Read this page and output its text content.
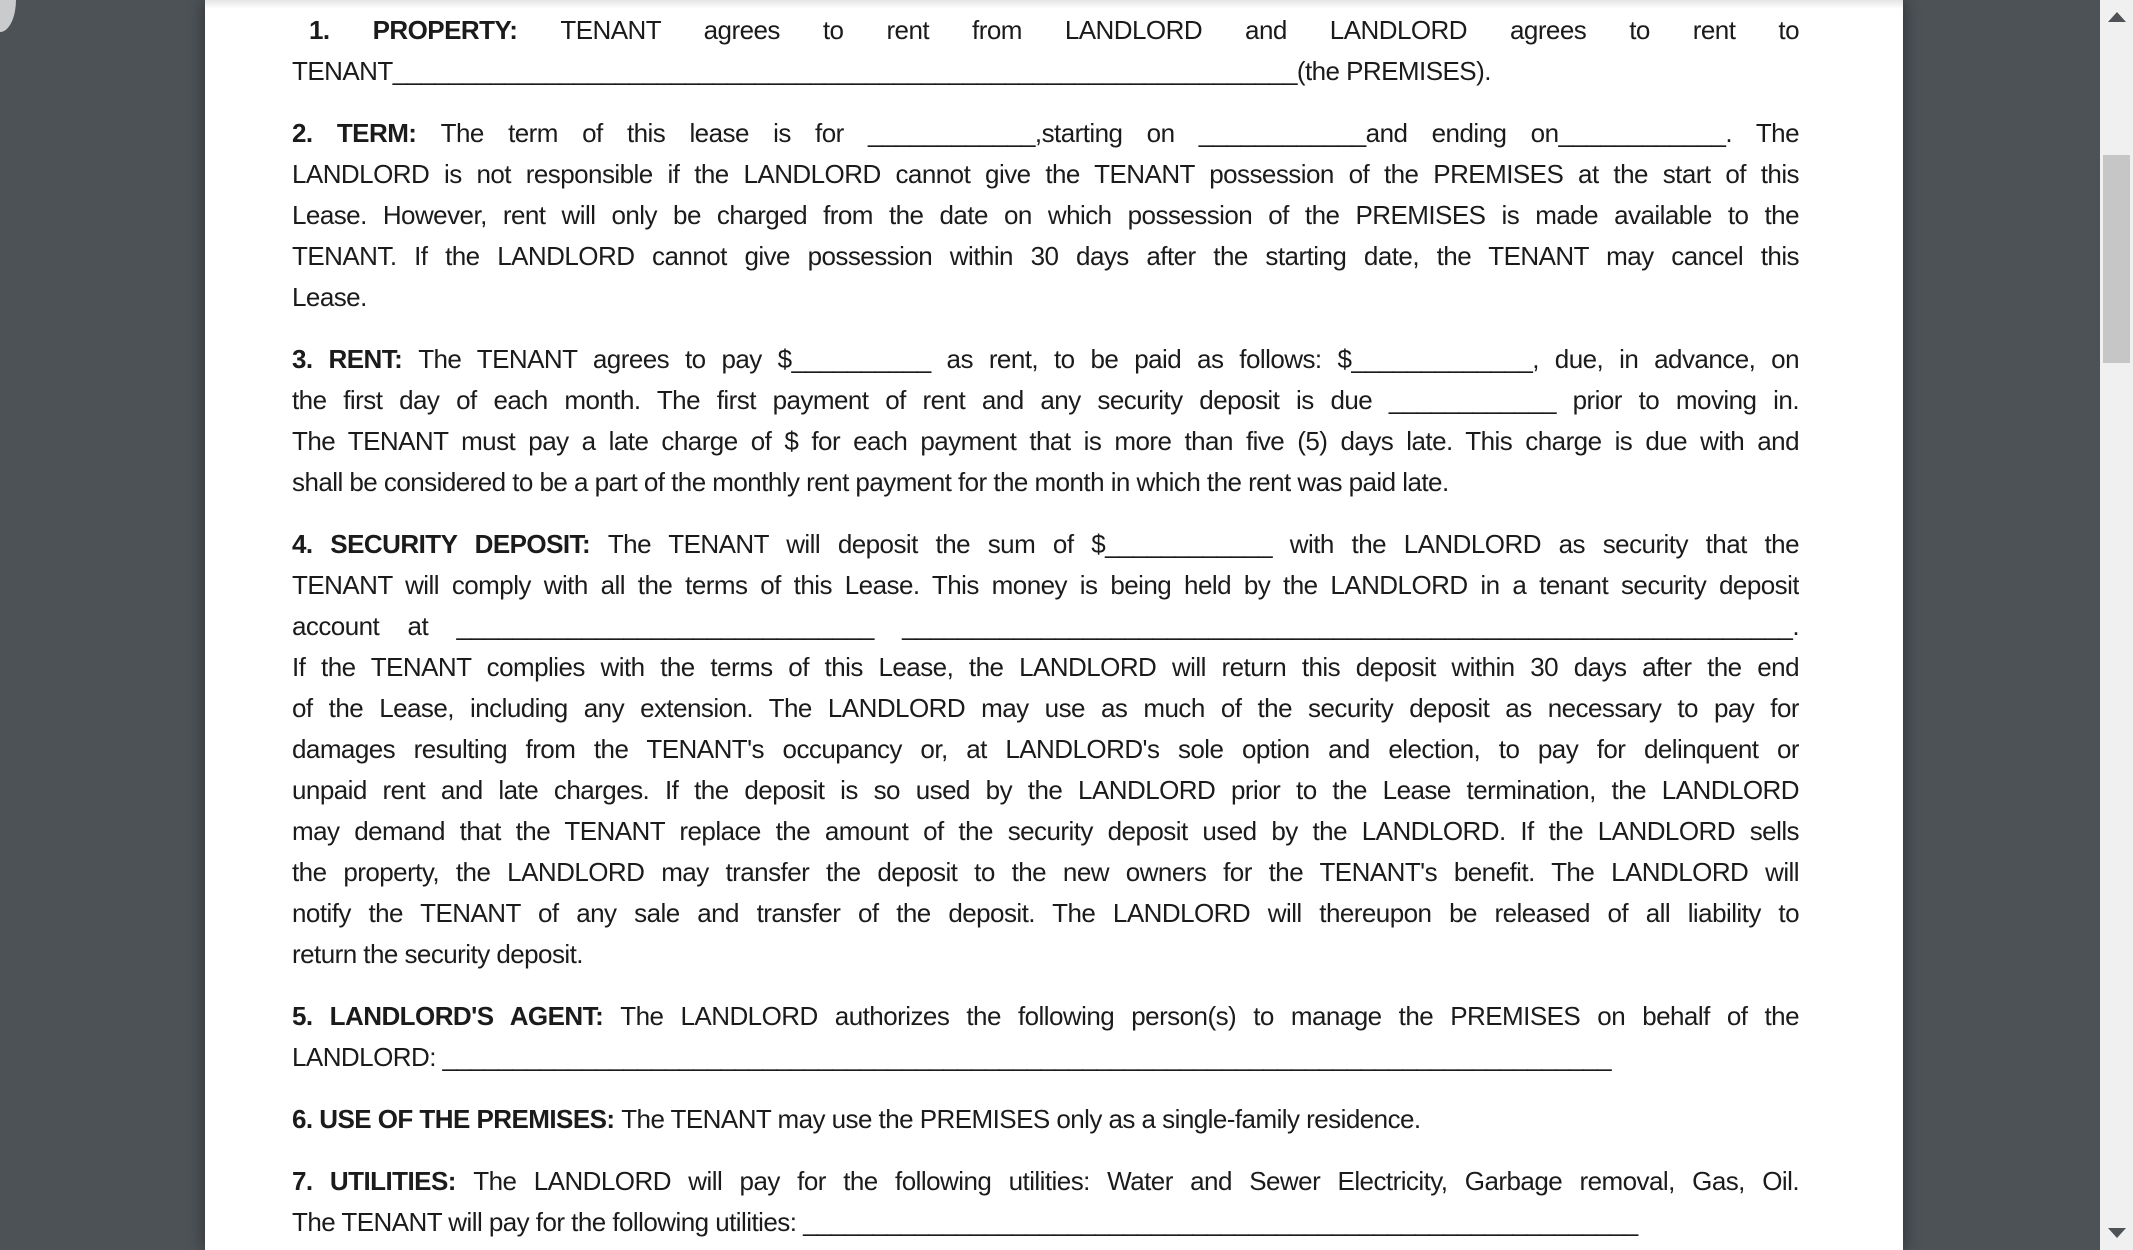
1. PROPERTY: TENANT agrees to rent from LANDLORD and LANDLORD agrees to rent to
TENANT_________________________________________________________________(the PREMISES).
2. TERM: The term of this lease is for ____________,starting on ____________and ending on____________. The
LANDLORD is not responsible if the LANDLORD cannot give the TENANT possession of the PREMISES at the start of this
Lease. However, rent will only be charged from the date on which possession of the PREMISES is made available to the
TENANT. If the LANDLORD cannot give possession within 30 days after the starting date, the TENANT may cancel this
Lease.
3. RENT: The TENANT agrees to pay $__________ as rent, to be paid as follows: $_____________, due, in advance, on
the first day of each month. The first payment of rent and any security deposit is due ____________ prior to moving in.
The TENANT must pay a late charge of $ for each payment that is more than five (5) days late. This charge is due with and
shall be considered to be a part of the monthly rent payment for the month in which the rent was paid late.
4. SECURITY DEPOSIT: The TENANT will deposit the sum of $____________ with the LANDLORD as security that the
TENANT will comply with all the terms of this Lease. This money is being held by the LANDLORD in a tenant security deposit
account at ______________________________ ________________________________________________________________.
If the TENANT complies with the terms of this Lease, the LANDLORD will return this deposit within 30 days after the end
of the Lease, including any extension. The LANDLORD may use as much of the security deposit as necessary to pay for
damages resulting from the TENANT's occupancy or, at LANDLORD's sole option and election, to pay for delinquent or
unpaid rent and late charges. If the deposit is so used by the LANDLORD prior to the Lease termination, the LANDLORD
may demand that the TENANT replace the amount of the security deposit used by the LANDLORD. If the LANDLORD sells
the property, the LANDLORD may transfer the deposit to the new owners for the TENANT's benefit. The LANDLORD will
notify the TENANT of any sale and transfer of the deposit. The LANDLORD will thereupon be released of all liability to
return the security deposit.
5. LANDLORD'S AGENT: The LANDLORD authorizes the following person(s) to manage the PREMISES on behalf of the
LANDLORD: ____________________________________________________________________________________
6. USE OF THE PREMISES: The TENANT may use the PREMISES only as a single-family residence.
7. UTILITIES: The LANDLORD will pay for the following utilities: Water and Sewer Electricity, Garbage removal, Gas, Oil.
The TENANT will pay for the following utilities: ____________________________________________________________
